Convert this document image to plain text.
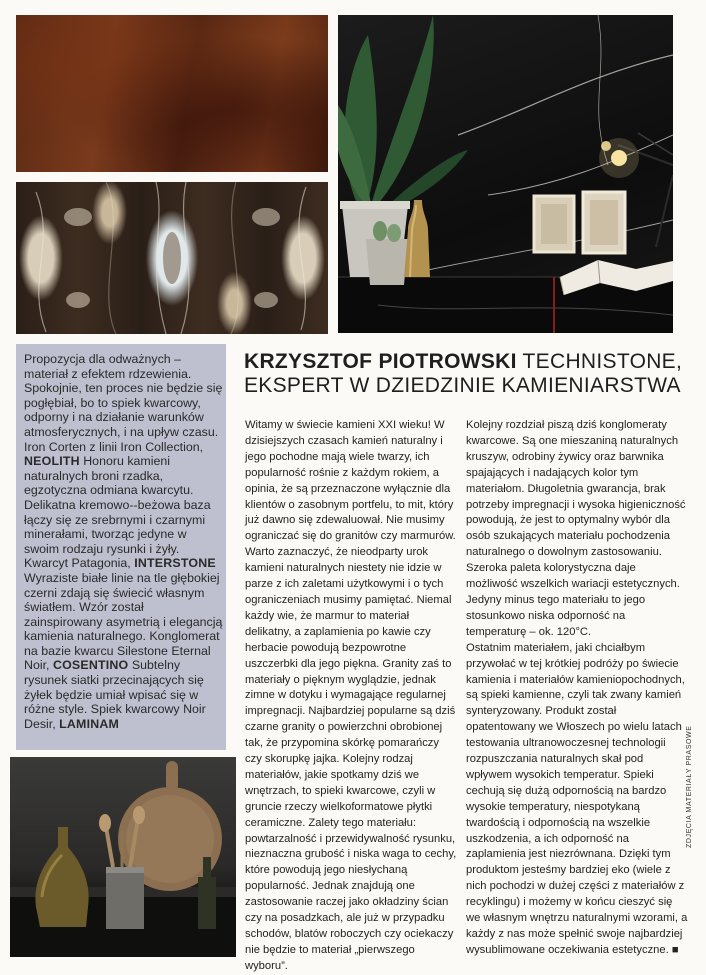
Propozycja dla odważnych – materiał z efektem rdzewienia. Spokojnie, ten proces nie będzie się pogłębiał, bo to spiek kwarcowy, odporny i na działanie warunków atmosferycznych, i na upływ czasu. Iron Corten z linii Iron Collection, NEOLITH Honoru kamieni naturalnych broni rzadka, egzotyczna odmiana kwarcytu. Delikatna kremowo--beżowa baza łączy się ze srebrnymi i czarnymi minerałami, tworząc jedyne w swoim rodzaju rysunki i żyły. Kwarcyt Patagonia, INTERSTONE Wyraziste białe linie na tle głębokiej czerni zdają się świecić własnym światłem. Wzór został zainspirowany asymetrią i elegancją kamienia naturalnego. Konglomerat na bazie kwarcu Silestone Eternal Noir, COSENTINO Subtelny rysunek siatki przecinających się żyłek będzie umiał wpisać się w różne style. Spiek kwarcowy Noir Desir, LAMINAM

KRZYSZTOF PIOTROWSKI TECHNISTONE, EKSPERT W DZIEDZINIE KAMIENIARSTWA

Witamy w świecie kamieni XXI wieku! W dzisiejszych czasach kamień naturalny i jego pochodne mają wiele twarzy, ich popularność rośnie z każdym rokiem, a opinia, że są przeznaczone wyłącznie dla klientów o zasobnym portfelu, to mit, który już dawno się zdewaluował. Nie musimy ograniczać się do granitów czy marmurów. Warto zaznaczyć, że nieodparty urok kamieni naturalnych niestety nie idzie w parze z ich zaletami użytkowymi i o tych ograniczeniach musimy pamiętać. Niemal każdy wie, że marmur to materiał delikatny, a zaplamienia po kawie czy herbacie powodują bezpowrotne uszczerbki dla jego piękna. Granity zaś to materiały o pięknym wyglądzie, jednak zimne w dotyku i wymagające regularnej impregnacji. Najbardziej popularne są dziś czarne granity o powierzchni obrobionej tak, że przypomina skórkę pomarańczy czy skorupkę jajka. Kolejny rodzaj materiałów, jakie spotkamy dziś we wnętrzach, to spieki kwarcowe, czyli w gruncie rzeczy wielkoformatowe płytki ceramiczne. Zalety tego materiału: powtarzalność i przewidywalność rysunku, nieznaczna grubość i niska waga to cechy, które powodują jego niesłychaną popularność. Jednak znajdują one zastosowanie raczej jako okładziny ścian czy na posadzkach, ale już w przypadku schodów, blatów roboczych czy ociekaczy nie będzie to materiał „pierwszego wyboru”.

Kolejny rozdział piszą dziś konglomeraty kwarcowe. Są one mieszaniną naturalnych kruszyw, odrobiny żywicy oraz barwnika spajających i nadających kolor tym materiałom. Długoletnia gwarancja, brak potrzeby impregnacji i wysoka higieniczność powodują, że jest to optymalny wybór dla osób szukających materiału pochodzenia naturalnego o dowolnym zastosowaniu. Szeroka paleta kolorystyczna daje możliwość wszelkich wariacji estetycznych. Jedyny minus tego materiału to jego stosunkowo niska odporność na temperaturę – ok. 120°C.

Ostatnim materiałem, jaki chciałbym przywołać w tej krótkiej podróży po świecie kamienia i materiałów kamieniopochodnych, są spieki kamienne, czyli tak zwany kamień synteryzowany. Produkt został opatentowany we Włoszech po wielu latach testowania ultranowoczesnej technologii rozpuszczania naturalnych skał pod wpływem wysokich temperatur. Spieki cechują się dużą odpornością na bardzo wysokie temperatury, niespotykaną twardością i odpornością na wszelkie uszkodzenia, a ich odporność na zaplamienia jest niezrównana. Dzięki tym produktom jesteśmy bardziej eko (wiele z nich pochodzi w dużej części z materiałów z recyklingu) i możemy w końcu cieszyć się we własnym wnętrzu naturalnymi wzorami, a każdy z nas może spełnić swoje najbardziej wysublimowane oczekiwania estetyczne. ■

ZDJĘCIA MATERIAŁY PRASOWE
